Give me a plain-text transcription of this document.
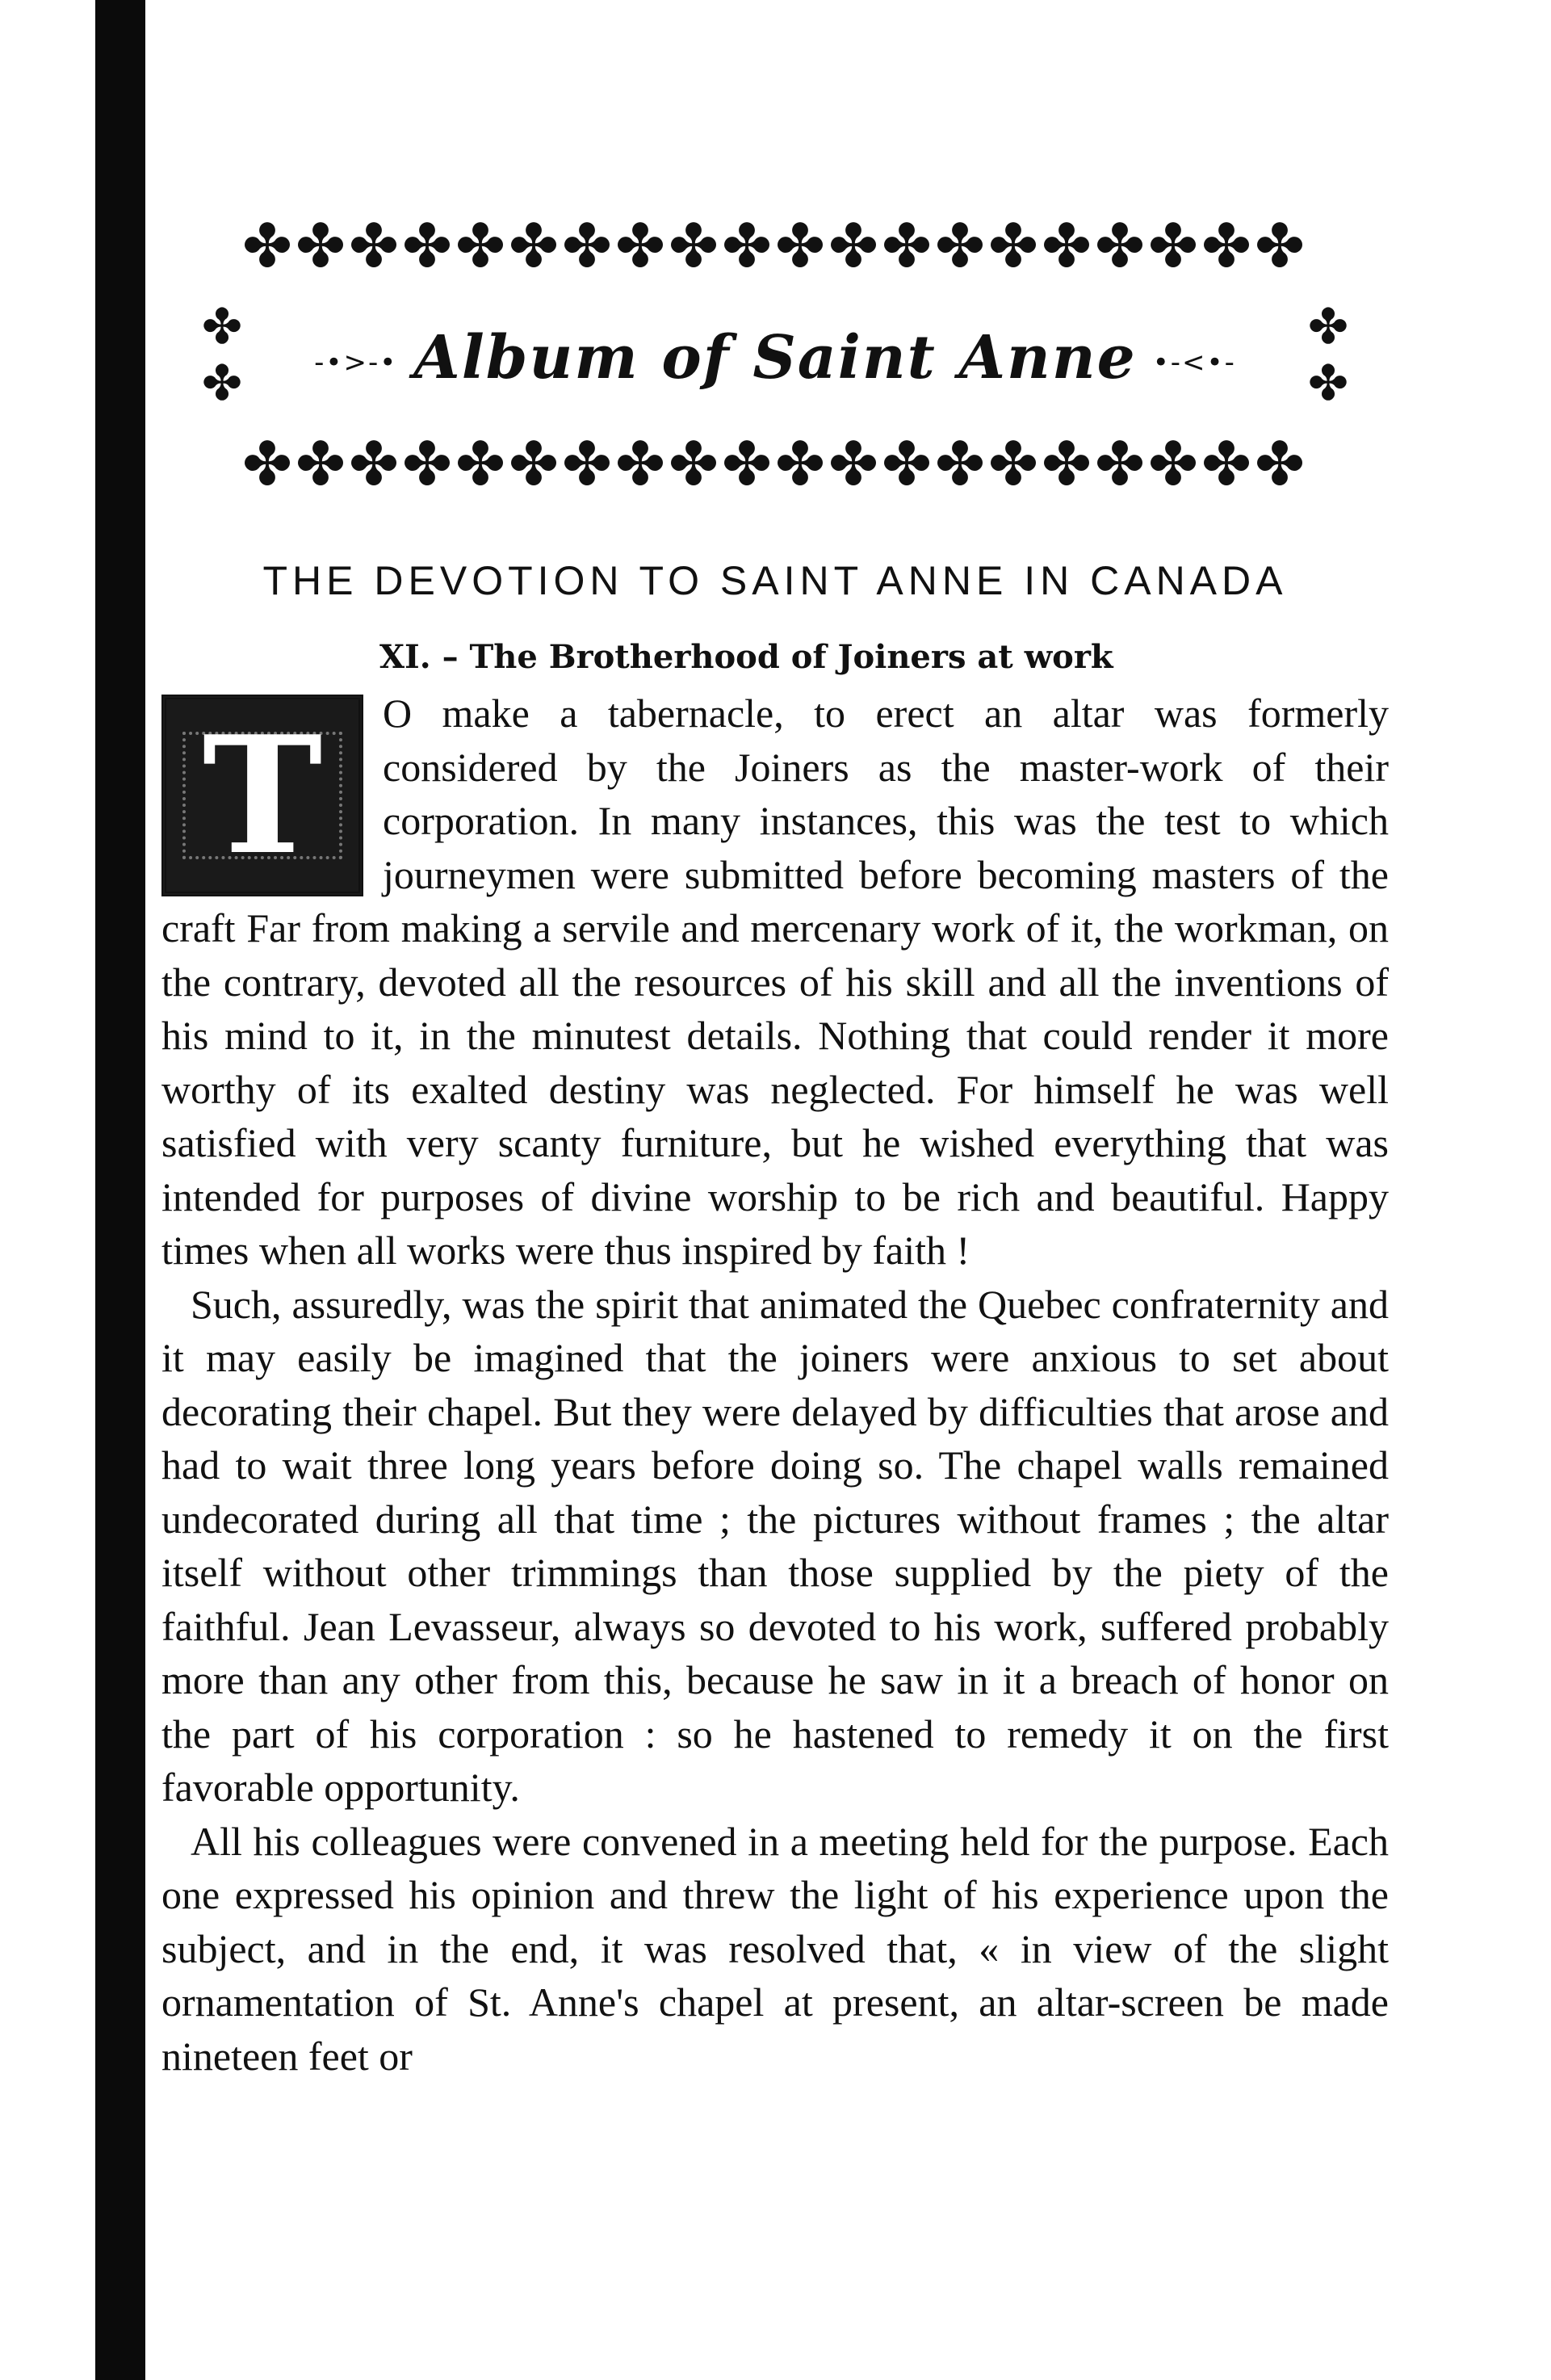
✤✤✤✤✤✤✤✤✤✤✤✤✤✤✤✤✤✤✤✤
✤ ✤	-•>-• Album of Saint Anne •-<•-
✤ ✤
✤✤✤✤✤✤✤✤✤✤✤✤✤✤✤✤✤✤✤✤
THE DEVOTION TO SAINT ANNE IN CANADA
XI. – The Brotherhood of Joiners at work
T	O make a tabernacle, to erect an altar was formerly considered by the Joiners as the master-work of their corporation. In many instances, this was the test to which journeymen were submitted before becoming masters of the craft Far from making a servile and mercenary work of it, the workman, on the contrary, devoted all the resources of his skill and all the inventions of his mind to it, in the minutest details. Nothing that could render it more worthy of its exalted destiny was neglected. For himself he was well satisfied with very scanty furniture, but he wished everything that was intended for purposes of divine worship to be rich and beautiful. Happy times when all works were thus inspired by faith !

Such, assuredly, was the spirit that animated the Quebec confraternity and it may easily be imagined that the joiners were anxious to set about decorating their chapel. But they were delayed by difficulties that arose and had to wait three long years before doing so. The chapel walls remained undecorated during all that time ; the pictures without frames ; the altar itself without other trimmings than those supplied by the piety of the faithful. Jean Levasseur, always so devoted to his work, suffered probably more than any other from this, because he saw in it a breach of honor on the part of his corporation : so he hastened to remedy it on the first favorable opportunity.

All his colleagues were convened in a meeting held for the purpose. Each one expressed his opinion and threw the light of his experience upon the subject, and in the end, it was resolved that, « in view of the slight ornamentation of St. Anne's chapel at present, an altar-screen be made nineteen feet or
